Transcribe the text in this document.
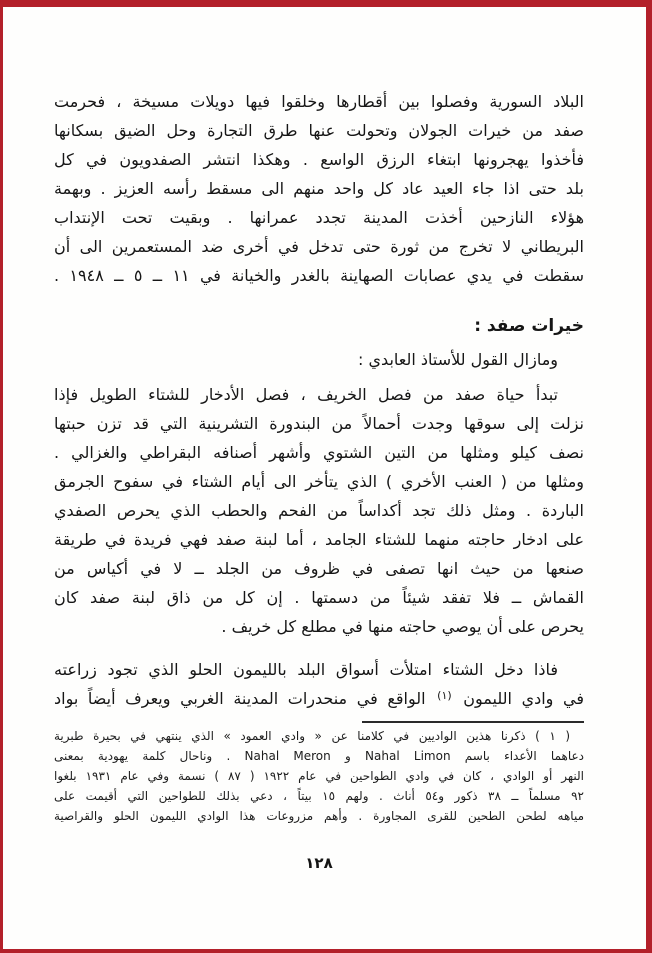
البلاد السورية وفصلوا بين أقطارها وخلقوا فيها دويلات مسيخة ، فحرمت
صفد من خيرات الجولان وتحولت عنها طرق التجارة وحل الضيق بسكانها
فأخذوا يهجرونها ابتغاء الرزق الواسع . وهكذا انتشر الصفدويون في كل
بلد حتى اذا جاء العيد عاد كل واحد منهم الى مسقط رأسه العزيز . وبهمة
هؤلاء النازحين أخذت المدينة تجدد عمرانها . وبقيت تحت الإنتداب
البريطاني لا تخرج من ثورة حتى تدخل في أخرى ضد المستعمرين الى أن
سقطت في يدي عصابات الصهاينة بالغدر والخيانة في ١١ ــ ٥ ــ ١٩٤٨ .
خيرات صفد :
ومازال القول للأستاذ العابدي :
تبدأ حياة صفد من فصل الخريف ، فصل الأدخار للشتاء الطويل فإذا
نزلت إلى سوقها وجدت أحمالاً من البندورة التشرينية التي قد تزن حبتها
نصف كيلو ومثلها من التين الشتوي وأشهر أصنافه البقراطي والغزالي .
ومثلها من ( العنب الأخري ) الذي يتأخر الى أيام الشتاء في سفوح الجرمق
الباردة . ومثل ذلك تجد أكداساً من الفحم والحطب الذي يحرص الصفدي
على ادخار حاجته منهما للشتاء الجامد ، أما لبنة صفد فهي فريدة في طريقة
صنعها من حيث انها تصفى في ظروف من الجلد ــ لا في أكياس من
القماش ــ فلا تفقد شيئاً من دسمتها . إن كل من ذاق لبنة صفد كان
يحرص على أن يوصي حاجته منها في مطلع كل خريف .
فاذا دخل الشتاء امتلأت أسواق البلد بالليمون الحلو الذي تجود زراعته
في وادي الليمون $^{(١)}$ الواقع في منحدرات المدينة الغربي ويعرف أيضاً بواد
( ١ ) ذكرنا هذين الواديين في كلامنا عن « وادي العمود » الذي ينتهي في بحيرة طبرية
دعاهما الأعداء باسم Nahal Limon و Nahal Meron . وناحال كلمة يهودية بمعنى
النهر أو الوادي ، كان في وادي الطواحين في عام ١٩٢٢ ( ٨٧ ) نسمة وفي عام ١٩٣١ بلغوا
٩٢ مسلماً ــ ٣٨ ذكور و٥٤ أناث . ولهم ١٥ بيتاً ، دعي بذلك للطواحين التي أقيمت على
مياهه لطحن الطحين للقرى المجاورة . وأهم مزروعات هذا الوادي الليمون الحلو والقراصية
١٢٨
